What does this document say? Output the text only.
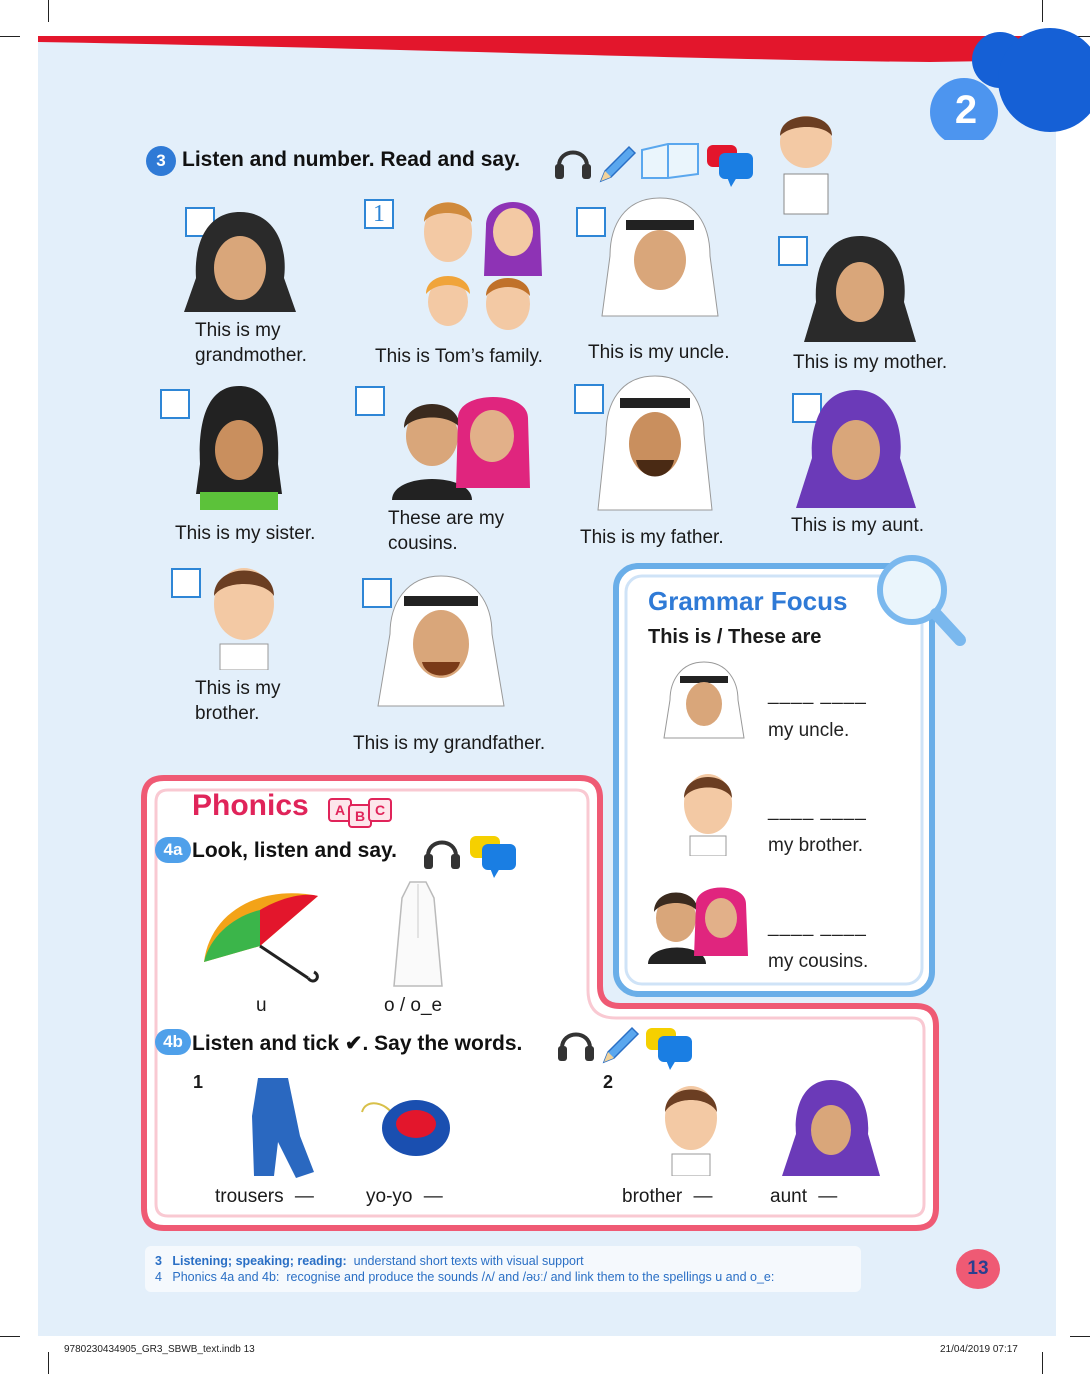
2
3 Listen and number. Read and say.
This is my grandmother.
1
This is Tom’s family.	This is my uncle.	This is my mother.
This is my sister.
These are my cousins.	This is my father.
This is my aunt.
This is my brother.
This is my grandfather.
Grammar Focus
This is / These are
____ ____
my uncle.
____ ____
my brother.
____ ____
my cousins.
Phonics	A B C
4a Look, listen and say.
u	o / o_e
4b Listen and tick ✔. Say the words.
1
trousers —	yo-yo —
2
brother —	aunt —
3 Listening; speaking; reading: understand short texts with visual support
4 Phonics 4a and 4b: recognise and produce the sounds /ʌ/ and /əʊː/ and link them to the spellings u and o_e:	13
9780230434905_GR3_SBWB_text.indb 13	21/04/2019 07:17
